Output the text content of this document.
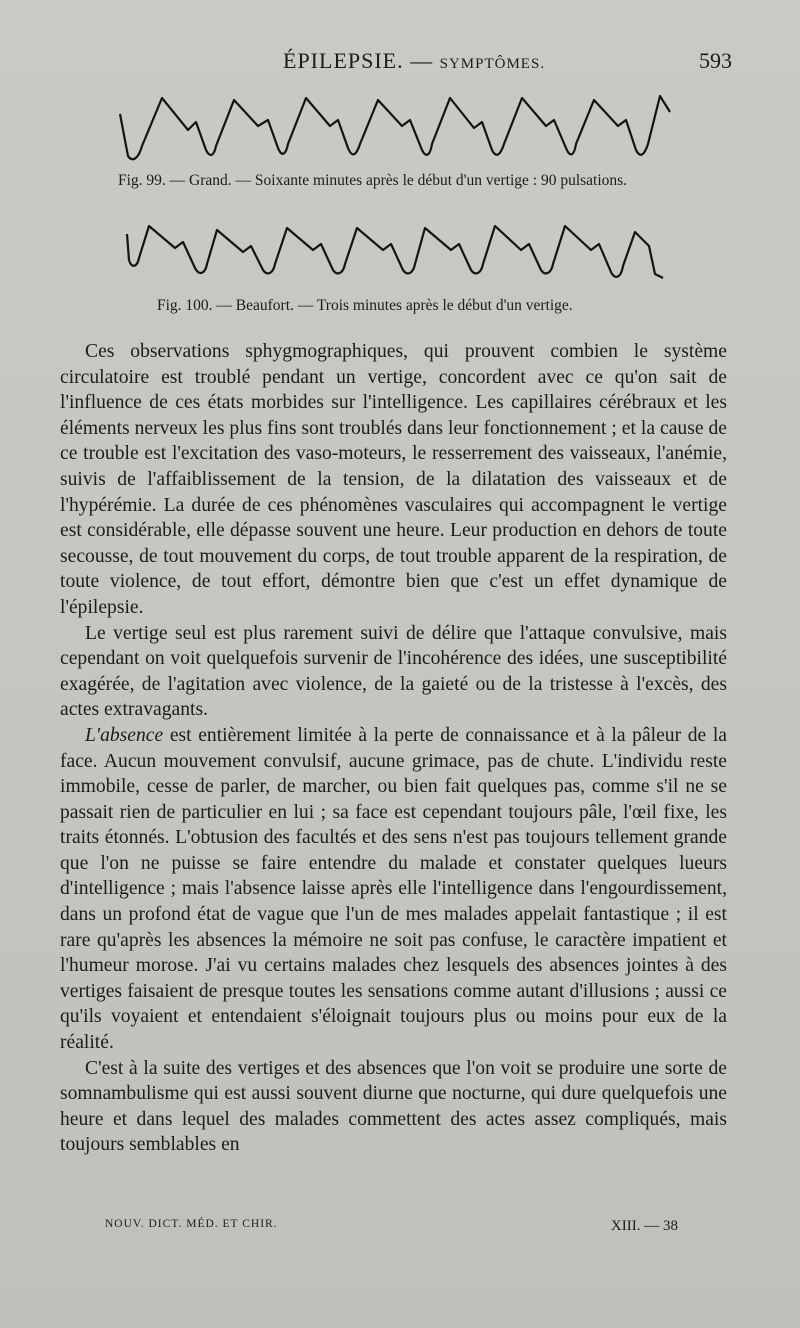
ÉPILEPSIE. — SYMPTÔMES.	593
Fig. 99. — Grand. — Soixante minutes après le début d'un vertige : 90 pulsations.
Fig. 100. — Beaufort. — Trois minutes après le début d'un vertige.

Ces observations sphygmographiques, qui prouvent combien le système circulatoire est troublé pendant un vertige, concordent avec ce qu'on sait de l'influence de ces états morbides sur l'intelligence. Les capillaires cérébraux et les éléments nerveux les plus fins sont troublés dans leur fonctionnement ; et la cause de ce trouble est l'excitation des vaso-moteurs, le resserrement des vaisseaux, l'anémie, suivis de l'affaiblissement de la tension, de la dilatation des vaisseaux et de l'hypérémie. La durée de ces phénomènes vasculaires qui accompagnent le vertige est considérable, elle dépasse souvent une heure. Leur production en dehors de toute secousse, de tout mouvement du corps, de tout trouble apparent de la respiration, de toute violence, de tout effort, démontre bien que c'est un effet dynamique de l'épilepsie.

Le vertige seul est plus rarement suivi de délire que l'attaque convulsive, mais cependant on voit quelquefois survenir de l'incohérence des idées, une susceptibilité exagérée, de l'agitation avec violence, de la gaieté ou de la tristesse à l'excès, des actes extravagants.

L'absence est entièrement limitée à la perte de connaissance et à la pâleur de la face. Aucun mouvement convulsif, aucune grimace, pas de chute. L'individu reste immobile, cesse de parler, de marcher, ou bien fait quelques pas, comme s'il ne se passait rien de particulier en lui ; sa face est cependant toujours pâle, l'œil fixe, les traits étonnés. L'obtusion des facultés et des sens n'est pas toujours tellement grande que l'on ne puisse se faire entendre du malade et constater quelques lueurs d'intelligence ; mais l'absence laisse après elle l'intelligence dans l'engourdissement, dans un profond état de vague que l'un de mes malades appelait fantastique ; il est rare qu'après les absences la mémoire ne soit pas confuse, le caractère impatient et l'humeur morose. J'ai vu certains malades chez lesquels des absences jointes à des vertiges faisaient de presque toutes les sensations comme autant d'illusions ; aussi ce qu'ils voyaient et entendaient s'éloignait toujours plus ou moins pour eux de la réalité.

C'est à la suite des vertiges et des absences que l'on voit se produire une sorte de somnambulisme qui est aussi souvent diurne que nocturne, qui dure quelquefois une heure et dans lequel des malades commettent des actes assez compliqués, mais toujours semblables en

NOUV. DICT. MÉD. ET CHIR.	XIII. — 38
